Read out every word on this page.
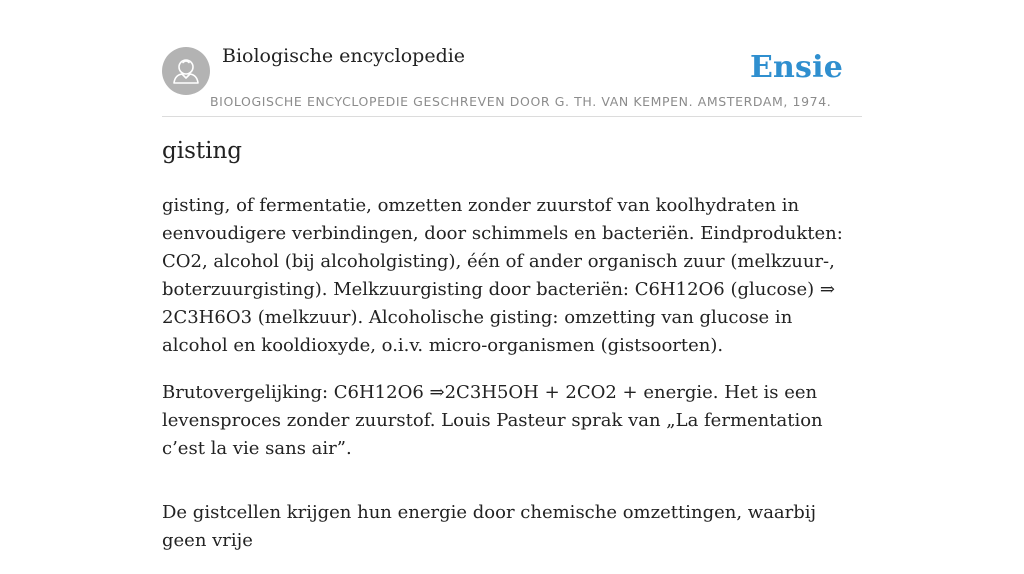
Biologische encyclopedie	Ensie
BIOLOGISCHE ENCYCLOPEDIE GESCHREVEN DOOR G. TH. VAN KEMPEN. AMSTERDAM, 1974.
gisting

gisting, of fermentatie, omzetten zonder zuurstof van koolhydraten in eenvoudigere verbindingen, door schimmels en bacteriën. Eindprodukten: CO2, alcohol (bij alcoholgisting), één of ander organisch zuur (melkzuur-, boterzuurgisting). Melkzuurgisting door bacteriën: C6H12O6 (glucose) ⇒ 2C3H6O3 (melkzuur). Alcoholische gisting: omzetting van glucose in alcohol en kooldioxyde, o.i.v. micro-organismen (gistsoorten).

Brutovergelijking: C6H12O6 ⇒2C3H5OH + 2CO2 + energie. Het is een levensproces zonder zuurstof. Louis Pasteur sprak van „La fermentation c’est la vie sans air”.

De gistcellen krijgen hun energie door chemische omzettingen, waarbij geen vrije
